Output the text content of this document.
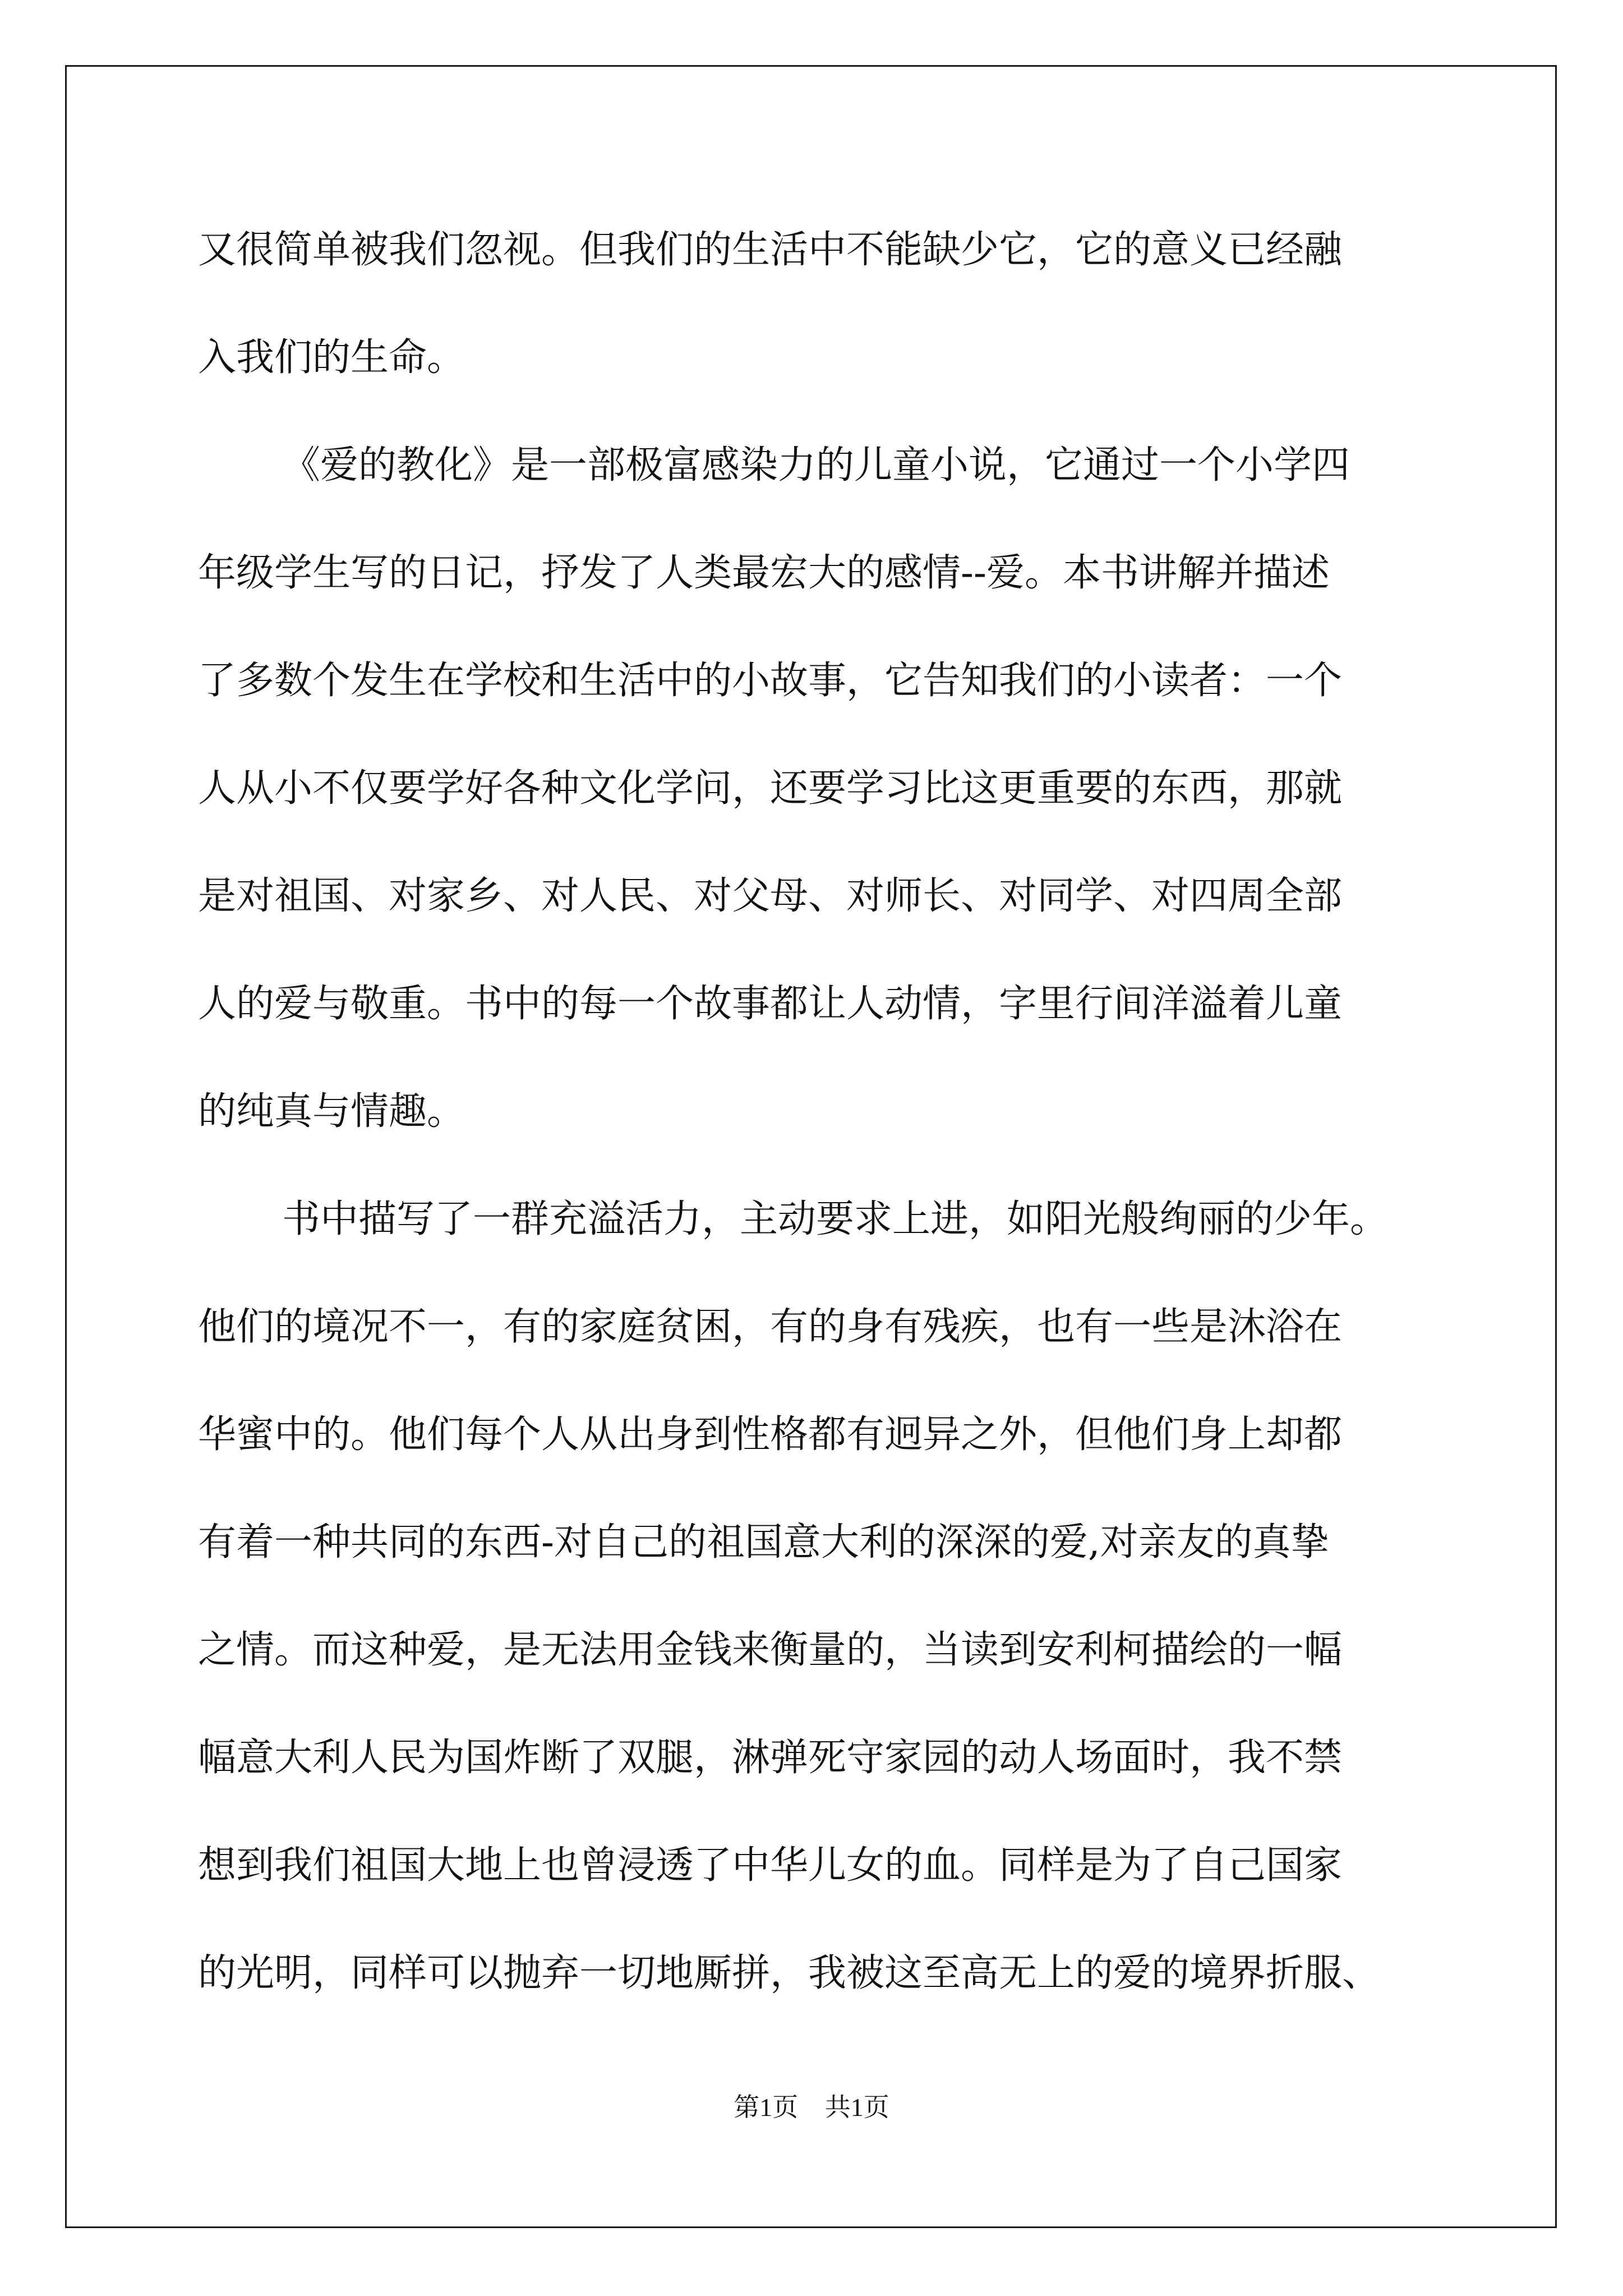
又很简单被我们忽视。但我们的生活中不能缺少它，它的意义已经融

入我们的生命。

《爱的教化》是一部极富感染力的儿童小说，它通过一个小学四

年级学生写的日记，抒发了人类最宏大的感情--爱。本书讲解并描述

了多数个发生在学校和生活中的小故事，它告知我们的小读者：一个

人从小不仅要学好各种文化学问，还要学习比这更重要的东西，那就

是对祖国、对家乡、对人民、对父母、对师长、对同学、对四周全部

人的爱与敬重。书中的每一个故事都让人动情，字里行间洋溢着儿童

的纯真与情趣。

书中描写了一群充溢活力，主动要求上进，如阳光般绚丽的少年。

他们的境况不一，有的家庭贫困，有的身有残疾，也有一些是沐浴在

华蜜中的。他们每个人从出身到性格都有迥异之外，但他们身上却都

有着一种共同的东西-对自己的祖国意大利的深深的爱,对亲友的真挚

之情。而这种爱，是无法用金钱来衡量的，当读到安利柯描绘的一幅

幅意大利人民为国炸断了双腿，淋弹死守家园的动人场面时，我不禁

想到我们祖国大地上也曾浸透了中华儿女的血。同样是为了自己国家

的光明，同样可以抛弃一切地厮拼，我被这至高无上的爱的境界折服、

第1页 共1页
